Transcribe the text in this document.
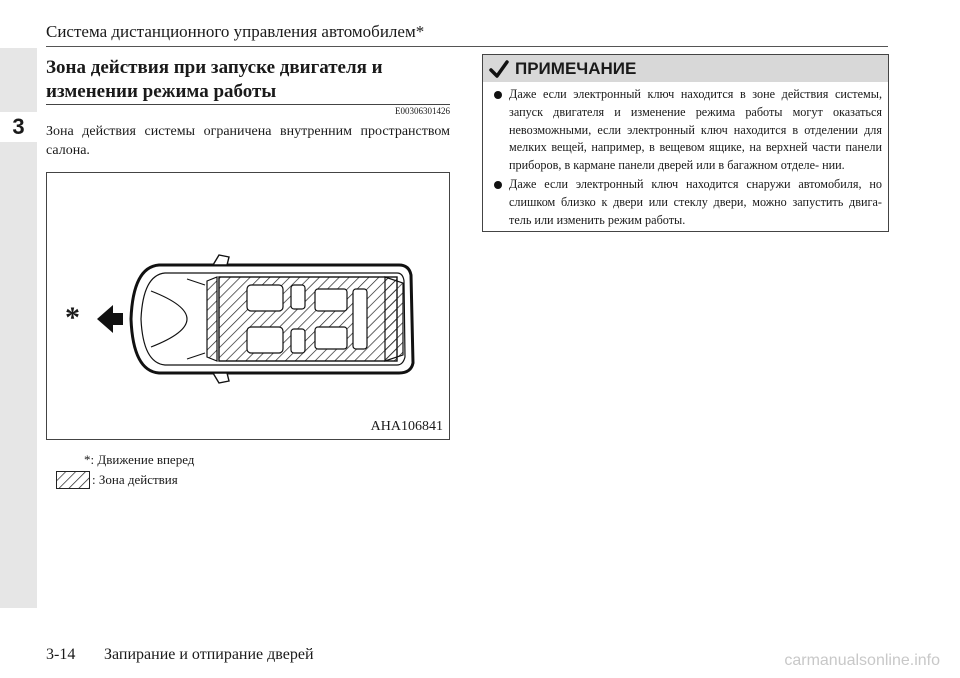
3
Система дистанционного управления автомобилем*
Зона действия при запуске двигателя и изменении режима работы
E00306301426
Зона действия системы ограничена внутренним пространством салона.
*
AHA106841
*: Движение вперед
: Зона действия
ПРИМЕЧАНИЕ
Даже если электронный ключ находится в зоне действия системы, запуск двигателя и изменение режима работы могут оказаться невозможными, если электронный ключ находится в отделении для мелких вещей, например, в вещевом ящике, на верхней части панели приборов, в кармане панели дверей или в багажном отделе- нии.
Даже если электронный ключ находится снаружи автомобиля, но слишком близко к двери или стеклу двери, можно запустить двига- тель или изменить режим работы.
3-14 Запирание и отпирание дверей	carmanualsonline.info
